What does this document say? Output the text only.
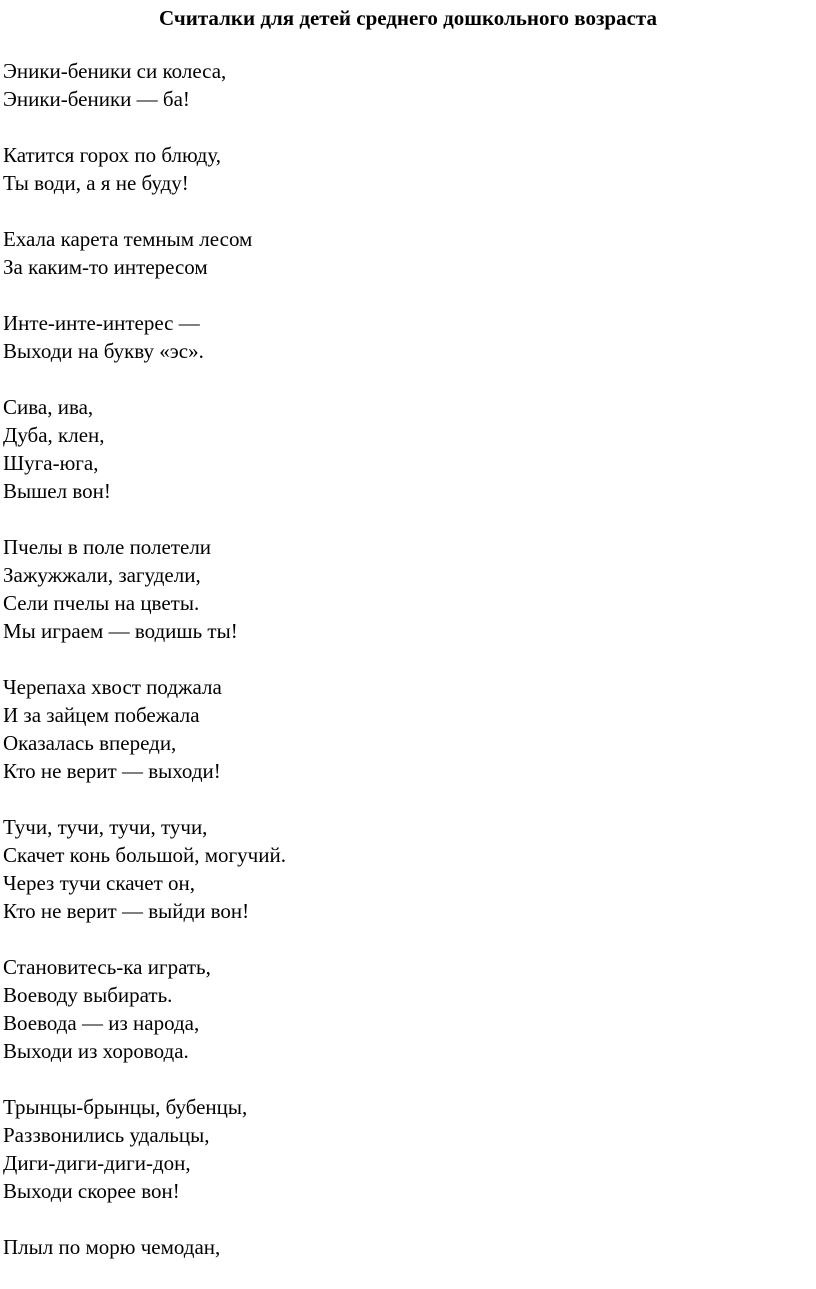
Считалки для детей среднего дошкольного возраста
Эники-беники си колеса,
Эники-беники — ба!
Катится горох по блюду,
Ты води, а я не буду!
Ехала карета темным лесом
За каким-то интересом
Инте-инте-интерес —
Выходи на букву «эс».
Сива, ива,
Дуба, клен,
Шуга-юга,
Вышел вон!
Пчелы в поле полетели
Зажужжали, загудели,
Сели пчелы на цветы.
Мы играем — водишь ты!
Черепаха хвост поджала
И за зайцем побежала
Оказалась впереди,
Кто не верит — выходи!
Тучи, тучи, тучи, тучи,
Скачет конь большой, могучий.
Через тучи скачет он,
Кто не верит — выйди вон!
Становитесь-ка играть,
Воеводу выбирать.
Воевода — из народа,
Выходи из хоровода.
Трынцы-брынцы, бубенцы,
Раззвонились удальцы,
Диги-диги-диги-дон,
Выходи скорее вон!
Плыл по морю чемодан,
